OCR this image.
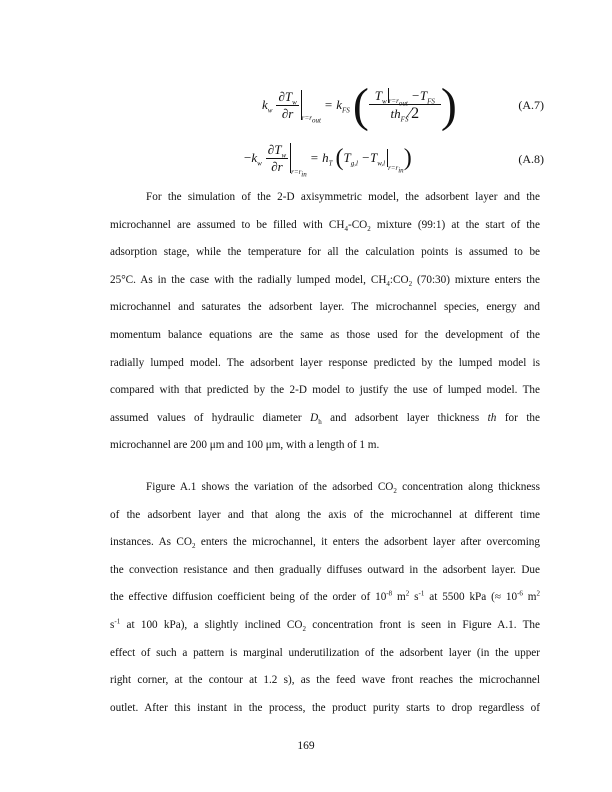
$k_w \frac{\partial T_w}{\partial r} r=r_{out}$
= $k_{FS}$ ( $\frac{T_w _{r=r_{out}} -T_{FS}}{th_{FS}⁄2}$ )	(A.7)
− $k_w \frac{\partial T_w}{\partial r} r=r_{in}$
= $h_T$ ( $T_{g,l} -T_{w,l}$
$r=r_{in}$ )	(A.8)
For the simulation of the 2-D axisymmetric model, the adsorbent layer and the
microchannel are assumed to be filled with $CH_4-CO_2$ mixture (99:1) at the start of the
adsorption stage, while the temperature for all the calculation points is assumed to be
25°C. As in the case with the radially lumped model, $CH_4:CO_2$ (70:30) mixture enters the
microchannel and saturates the adsorbent layer. The microchannel species, energy and
momentum balance equations are the same as those used for the development of the
radially lumped model. The adsorbent layer response predicted by the lumped model is
compared with that predicted by the 2-D model to justify the use of lumped model. The
assumed values of hydraulic diameter $D_h$ and adsorbent layer thickness th for the
microchannel are 200 μm and 100 μm, with a length of 1 m.
Figure A.1 shows the variation of the adsorbed $CO_2$ concentration along thickness
of the adsorbent layer and that along the axis of the microchannel at different time
instances. As $CO_2$ enters the microchannel, it enters the adsorbent layer after overcoming
the convection resistance and then gradually diffuses outward in the adsorbent layer. Due
the effective diffusion coefficient being of the order of $10^{-8}$ $m^2$ $s^{-1}$ at 5500 kPa (≈ $10^{-6}$ $m^2$
$s^{-1}$ at 100 kPa), a slightly inclined $CO_2$ concentration front is seen in Figure A.1. The
effect of such a pattern is marginal underutilization of the adsorbent layer (in the upper
right corner, at the contour at 1.2 s), as the feed wave front reaches the microchannel
outlet. After this instant in the process, the product purity starts to drop regardless of
169
